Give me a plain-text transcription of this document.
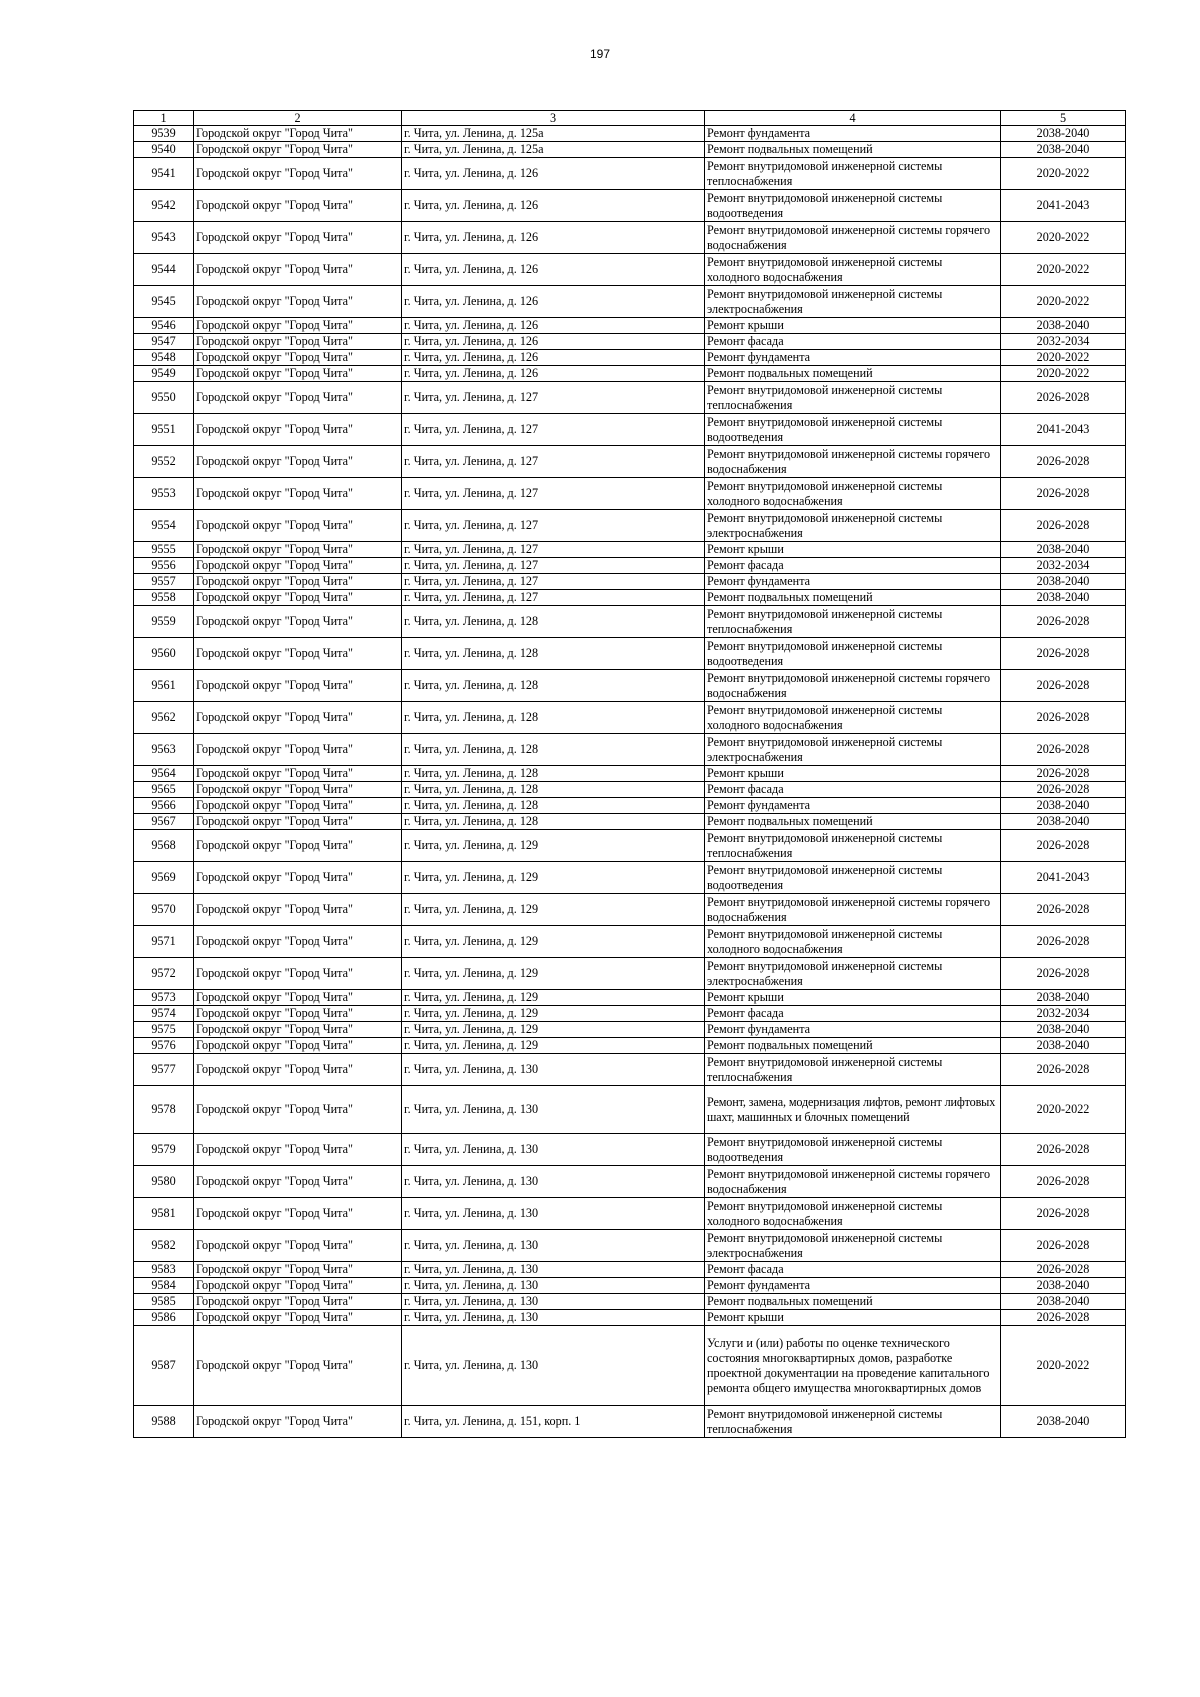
197
1	2	3	4	5
9539	Городской округ "Город Чита"	г. Чита, ул. Ленина, д. 125а	Ремонт фундамента	2038-2040
9540	Городской округ "Город Чита"	г. Чита, ул. Ленина, д. 125а	Ремонт подвальных помещений	2038-2040
9541	Городской округ "Город Чита"	г. Чита, ул. Ленина, д. 126	Ремонт внутридомовой инженерной системы теплоснабжения	2020-2022
9542	Городской округ "Город Чита"	г. Чита, ул. Ленина, д. 126	Ремонт внутридомовой инженерной системы водоотведения	2041-2043
9543	Городской округ "Город Чита"	г. Чита, ул. Ленина, д. 126	Ремонт внутридомовой инженерной системы горячего водоснабжения	2020-2022
9544	Городской округ "Город Чита"	г. Чита, ул. Ленина, д. 126	Ремонт внутридомовой инженерной системы холодного водоснабжения	2020-2022
9545	Городской округ "Город Чита"	г. Чита, ул. Ленина, д. 126	Ремонт внутридомовой инженерной системы электроснабжения	2020-2022
9546	Городской округ "Город Чита"	г. Чита, ул. Ленина, д. 126	Ремонт крыши	2038-2040
9547	Городской округ "Город Чита"	г. Чита, ул. Ленина, д. 126	Ремонт фасада	2032-2034
9548	Городской округ "Город Чита"	г. Чита, ул. Ленина, д. 126	Ремонт фундамента	2020-2022
9549	Городской округ "Город Чита"	г. Чита, ул. Ленина, д. 126	Ремонт подвальных помещений	2020-2022
9550	Городской округ "Город Чита"	г. Чита, ул. Ленина, д. 127	Ремонт внутридомовой инженерной системы теплоснабжения	2026-2028
9551	Городской округ "Город Чита"	г. Чита, ул. Ленина, д. 127	Ремонт внутридомовой инженерной системы водоотведения	2041-2043
9552	Городской округ "Город Чита"	г. Чита, ул. Ленина, д. 127	Ремонт внутридомовой инженерной системы горячего водоснабжения	2026-2028
9553	Городской округ "Город Чита"	г. Чита, ул. Ленина, д. 127	Ремонт внутридомовой инженерной системы холодного водоснабжения	2026-2028
9554	Городской округ "Город Чита"	г. Чита, ул. Ленина, д. 127	Ремонт внутридомовой инженерной системы электроснабжения	2026-2028
9555	Городской округ "Город Чита"	г. Чита, ул. Ленина, д. 127	Ремонт крыши	2038-2040
9556	Городской округ "Город Чита"	г. Чита, ул. Ленина, д. 127	Ремонт фасада	2032-2034
9557	Городской округ "Город Чита"	г. Чита, ул. Ленина, д. 127	Ремонт фундамента	2038-2040
9558	Городской округ "Город Чита"	г. Чита, ул. Ленина, д. 127	Ремонт подвальных помещений	2038-2040
9559	Городской округ "Город Чита"	г. Чита, ул. Ленина, д. 128	Ремонт внутридомовой инженерной системы теплоснабжения	2026-2028
9560	Городской округ "Город Чита"	г. Чита, ул. Ленина, д. 128	Ремонт внутридомовой инженерной системы водоотведения	2026-2028
9561	Городской округ "Город Чита"	г. Чита, ул. Ленина, д. 128	Ремонт внутридомовой инженерной системы горячего водоснабжения	2026-2028
9562	Городской округ "Город Чита"	г. Чита, ул. Ленина, д. 128	Ремонт внутридомовой инженерной системы холодного водоснабжения	2026-2028
9563	Городской округ "Город Чита"	г. Чита, ул. Ленина, д. 128	Ремонт внутридомовой инженерной системы электроснабжения	2026-2028
9564	Городской округ "Город Чита"	г. Чита, ул. Ленина, д. 128	Ремонт крыши	2026-2028
9565	Городской округ "Город Чита"	г. Чита, ул. Ленина, д. 128	Ремонт фасада	2026-2028
9566	Городской округ "Город Чита"	г. Чита, ул. Ленина, д. 128	Ремонт фундамента	2038-2040
9567	Городской округ "Город Чита"	г. Чита, ул. Ленина, д. 128	Ремонт подвальных помещений	2038-2040
9568	Городской округ "Город Чита"	г. Чита, ул. Ленина, д. 129	Ремонт внутридомовой инженерной системы теплоснабжения	2026-2028
9569	Городской округ "Город Чита"	г. Чита, ул. Ленина, д. 129	Ремонт внутридомовой инженерной системы водоотведения	2041-2043
9570	Городской округ "Город Чита"	г. Чита, ул. Ленина, д. 129	Ремонт внутридомовой инженерной системы горячего водоснабжения	2026-2028
9571	Городской округ "Город Чита"	г. Чита, ул. Ленина, д. 129	Ремонт внутридомовой инженерной системы холодного водоснабжения	2026-2028
9572	Городской округ "Город Чита"	г. Чита, ул. Ленина, д. 129	Ремонт внутридомовой инженерной системы электроснабжения	2026-2028
9573	Городской округ "Город Чита"	г. Чита, ул. Ленина, д. 129	Ремонт крыши	2038-2040
9574	Городской округ "Город Чита"	г. Чита, ул. Ленина, д. 129	Ремонт фасада	2032-2034
9575	Городской округ "Город Чита"	г. Чита, ул. Ленина, д. 129	Ремонт фундамента	2038-2040
9576	Городской округ "Город Чита"	г. Чита, ул. Ленина, д. 129	Ремонт подвальных помещений	2038-2040
9577	Городской округ "Город Чита"	г. Чита, ул. Ленина, д. 130	Ремонт внутридомовой инженерной системы теплоснабжения	2026-2028
9578	Городской округ "Город Чита"	г. Чита, ул. Ленина, д. 130	Ремонт, замена, модернизация лифтов, ремонт лифтовых шахт, машинных и блочных помещений	2020-2022
9579	Городской округ "Город Чита"	г. Чита, ул. Ленина, д. 130	Ремонт внутридомовой инженерной системы водоотведения	2026-2028
9580	Городской округ "Город Чита"	г. Чита, ул. Ленина, д. 130	Ремонт внутридомовой инженерной системы горячего водоснабжения	2026-2028
9581	Городской округ "Город Чита"	г. Чита, ул. Ленина, д. 130	Ремонт внутридомовой инженерной системы холодного водоснабжения	2026-2028
9582	Городской округ "Город Чита"	г. Чита, ул. Ленина, д. 130	Ремонт внутридомовой инженерной системы электроснабжения	2026-2028
9583	Городской округ "Город Чита"	г. Чита, ул. Ленина, д. 130	Ремонт фасада	2026-2028
9584	Городской округ "Город Чита"	г. Чита, ул. Ленина, д. 130	Ремонт фундамента	2038-2040
9585	Городской округ "Город Чита"	г. Чита, ул. Ленина, д. 130	Ремонт подвальных помещений	2038-2040
9586	Городской округ "Город Чита"	г. Чита, ул. Ленина, д. 130	Ремонт крыши	2026-2028
9587	Городской округ "Город Чита"	г. Чита, ул. Ленина, д. 130	Услуги и (или) работы по оценке технического состояния многоквартирных домов, разработке проектной документации на проведение капитального ремонта общего имущества многоквартирных домов	2020-2022
9588	Городской округ "Город Чита"	г. Чита, ул. Ленина, д. 151, корп. 1	Ремонт внутридомовой инженерной системы теплоснабжения	2038-2040
